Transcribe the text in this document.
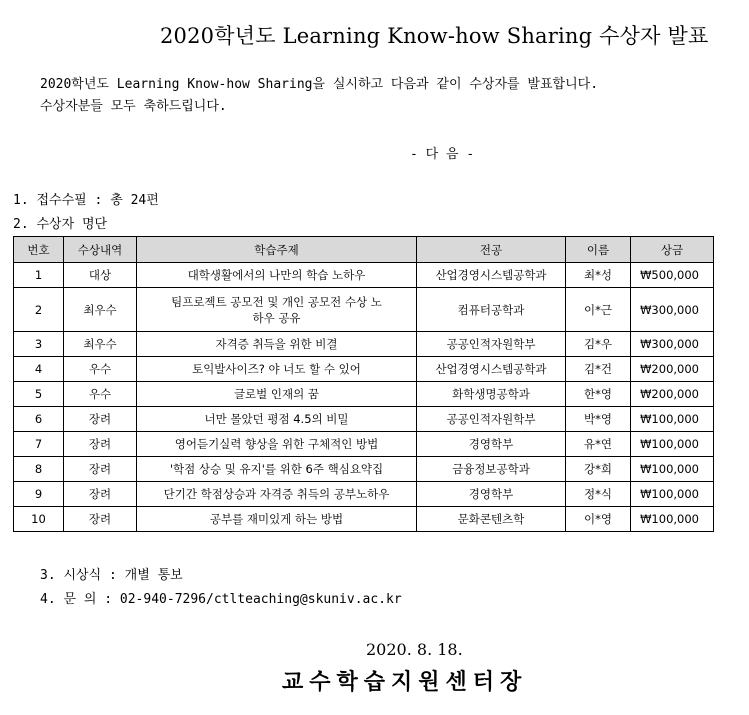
2020학년도 Learning Know-how Sharing 수상자 발표
2020학년도 Learning Know-how Sharing을 실시하고 다음과 같이 수상자를 발표합니다.
수상자분들 모두 축하드립니다.
- 다 음 -
1. 접수수필 : 총 24편
2. 수상자 명단
번호	수상내역	학습주제	전공	이름	상금
1	대상	대학생활에서의 나만의 학습 노하우	산업경영시스템공학과	최*성	₩500,000
2	최우수	팀프로젝트 공모전 및 개인 공모전 수상 노하우 공유	컴퓨터공학과	이*근	₩300,000
3	최우수	자격증 취득을 위한 비결	공공인적자원학부	김*우	₩300,000
4	우수	토익발사이즈? 야 너도 할 수 있어	산업경영시스템공학과	김*건	₩200,000
5	우수	글로벌 인재의 꿈	화학생명공학과	한*영	₩200,000
6	장려	너만 몰았던 평점 4.5의 비밀	공공인적자원학부	박*영	₩100,000
7	장려	영어듣기실력 향상을 위한 구체적인 방법	경영학부	유*연	₩100,000
8	장려	'학점 상승 및 유지'를 위한 6주 핵심요약집	금융정보공학과	강*희	₩100,000
9	장려	단기간 학점상승과 자격증 취득의 공부노하우	경영학부	정*식	₩100,000
10	장려	공부를 재미있게 하는 방법	문화콘텐츠학	이*영	₩100,000
3. 시상식 : 개별 통보
4. 문 의 : 02-940-7296/ctlteaching@skuniv.ac.kr
2020. 8. 18.
교수학습지원센터장
